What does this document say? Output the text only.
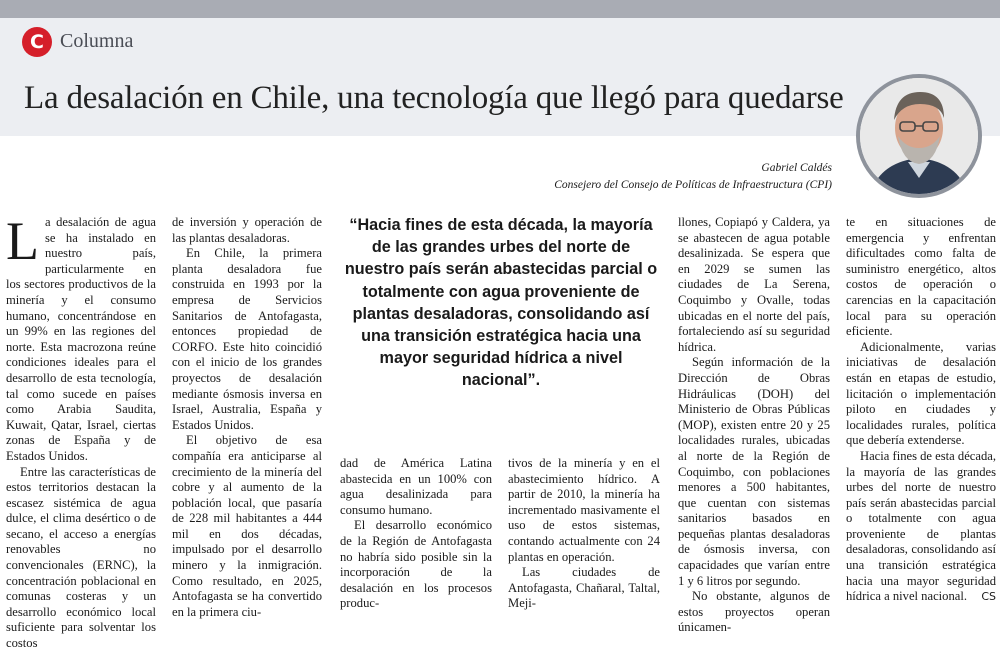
C Columna
La desalación en Chile, una tecnología que llegó para quedarse
Gabriel Caldés
Consejero del Consejo de Políticas de Infraestructura (CPI)

La desalación de agua se ha instalado en nuestro país, particularmente en los sectores productivos de la minería y el consumo humano, concentrándose en un 99% en las regiones del norte. Esta macrozona reúne condiciones ideales para el desarrollo de esta tecnología, tal como sucede en países como Arabia Saudita, Kuwait, Qatar, Israel, ciertas zonas de España y de Estados Unidos.

Entre las características de estos territorios destacan la escasez sistémica de agua dulce, el clima desértico o de secano, el acceso a energías renovables no convencionales (ERNC), la concentración poblacional en comunas costeras y un desarrollo económico local suficiente para solventar los costos

de inversión y operación de las plantas desaladoras.

En Chile, la primera planta desaladora fue construida en 1993 por la empresa de Servicios Sanitarios de Antofagasta, entonces propiedad de CORFO. Este hito coincidió con el inicio de los grandes proyectos de desalación mediante ósmosis inversa en Israel, Australia, España y Estados Unidos.

El objetivo de esa compañía era anticiparse al crecimiento de la minería del cobre y al aumento de la población local, que pasaría de 228 mil habitantes a 444 mil en dos décadas, impulsado por el desarrollo minero y la inmigración. Como resultado, en 2025, Antofagasta se ha convertido en la primera ciu-

“Hacia fines de esta década, la mayoría de las grandes urbes del norte de nuestro país serán abastecidas parcial o totalmente con agua proveniente de plantas desaladoras, consolidando así una transición estratégica hacia una mayor seguridad hídrica a nivel nacional”.

dad de América Latina abastecida en un 100% con agua desalinizada para consumo humano.

El desarrollo económico de la Región de Antofagasta no habría sido posible sin la incorporación de la desalación en los procesos produc-

tivos de la minería y en el abastecimiento hídrico. A partir de 2010, la minería ha incrementado masivamente el uso de estos sistemas, contando actualmente con 24 plantas en operación.

Las ciudades de Antofagasta, Chañaral, Taltal, Meji-

llones, Copiapó y Caldera, ya se abastecen de agua potable desalinizada. Se espera que en 2029 se sumen las ciudades de La Serena, Coquimbo y Ovalle, todas ubicadas en el norte del país, fortaleciendo así su seguridad hídrica.

Según información de la Dirección de Obras Hidráulicas (DOH) del Ministerio de Obras Públicas (MOP), existen entre 20 y 25 localidades rurales, ubicadas al norte de la Región de Coquimbo, con poblaciones menores a 500 habitantes, que cuentan con sistemas sanitarios basados en pequeñas plantas desaladoras de ósmosis inversa, con capacidades que varían entre 1 y 6 litros por segundo.

No obstante, algunos de estos proyectos operan únicamen-

te en situaciones de emergencia y enfrentan dificultades como falta de suministro energético, altos costos de operación o carencias en la capacitación local para su operación eficiente.

Adicionalmente, varias iniciativas de desalación están en etapas de estudio, licitación o implementación piloto en ciudades y localidades rurales, política que debería extenderse.

Hacia fines de esta década, la mayoría de las grandes urbes del norte de nuestro país serán abastecidas parcial o totalmente con agua proveniente de plantas desaladoras, consolidando así una transición estratégica hacia una mayor seguridad hídrica a nivel nacional.	CS
